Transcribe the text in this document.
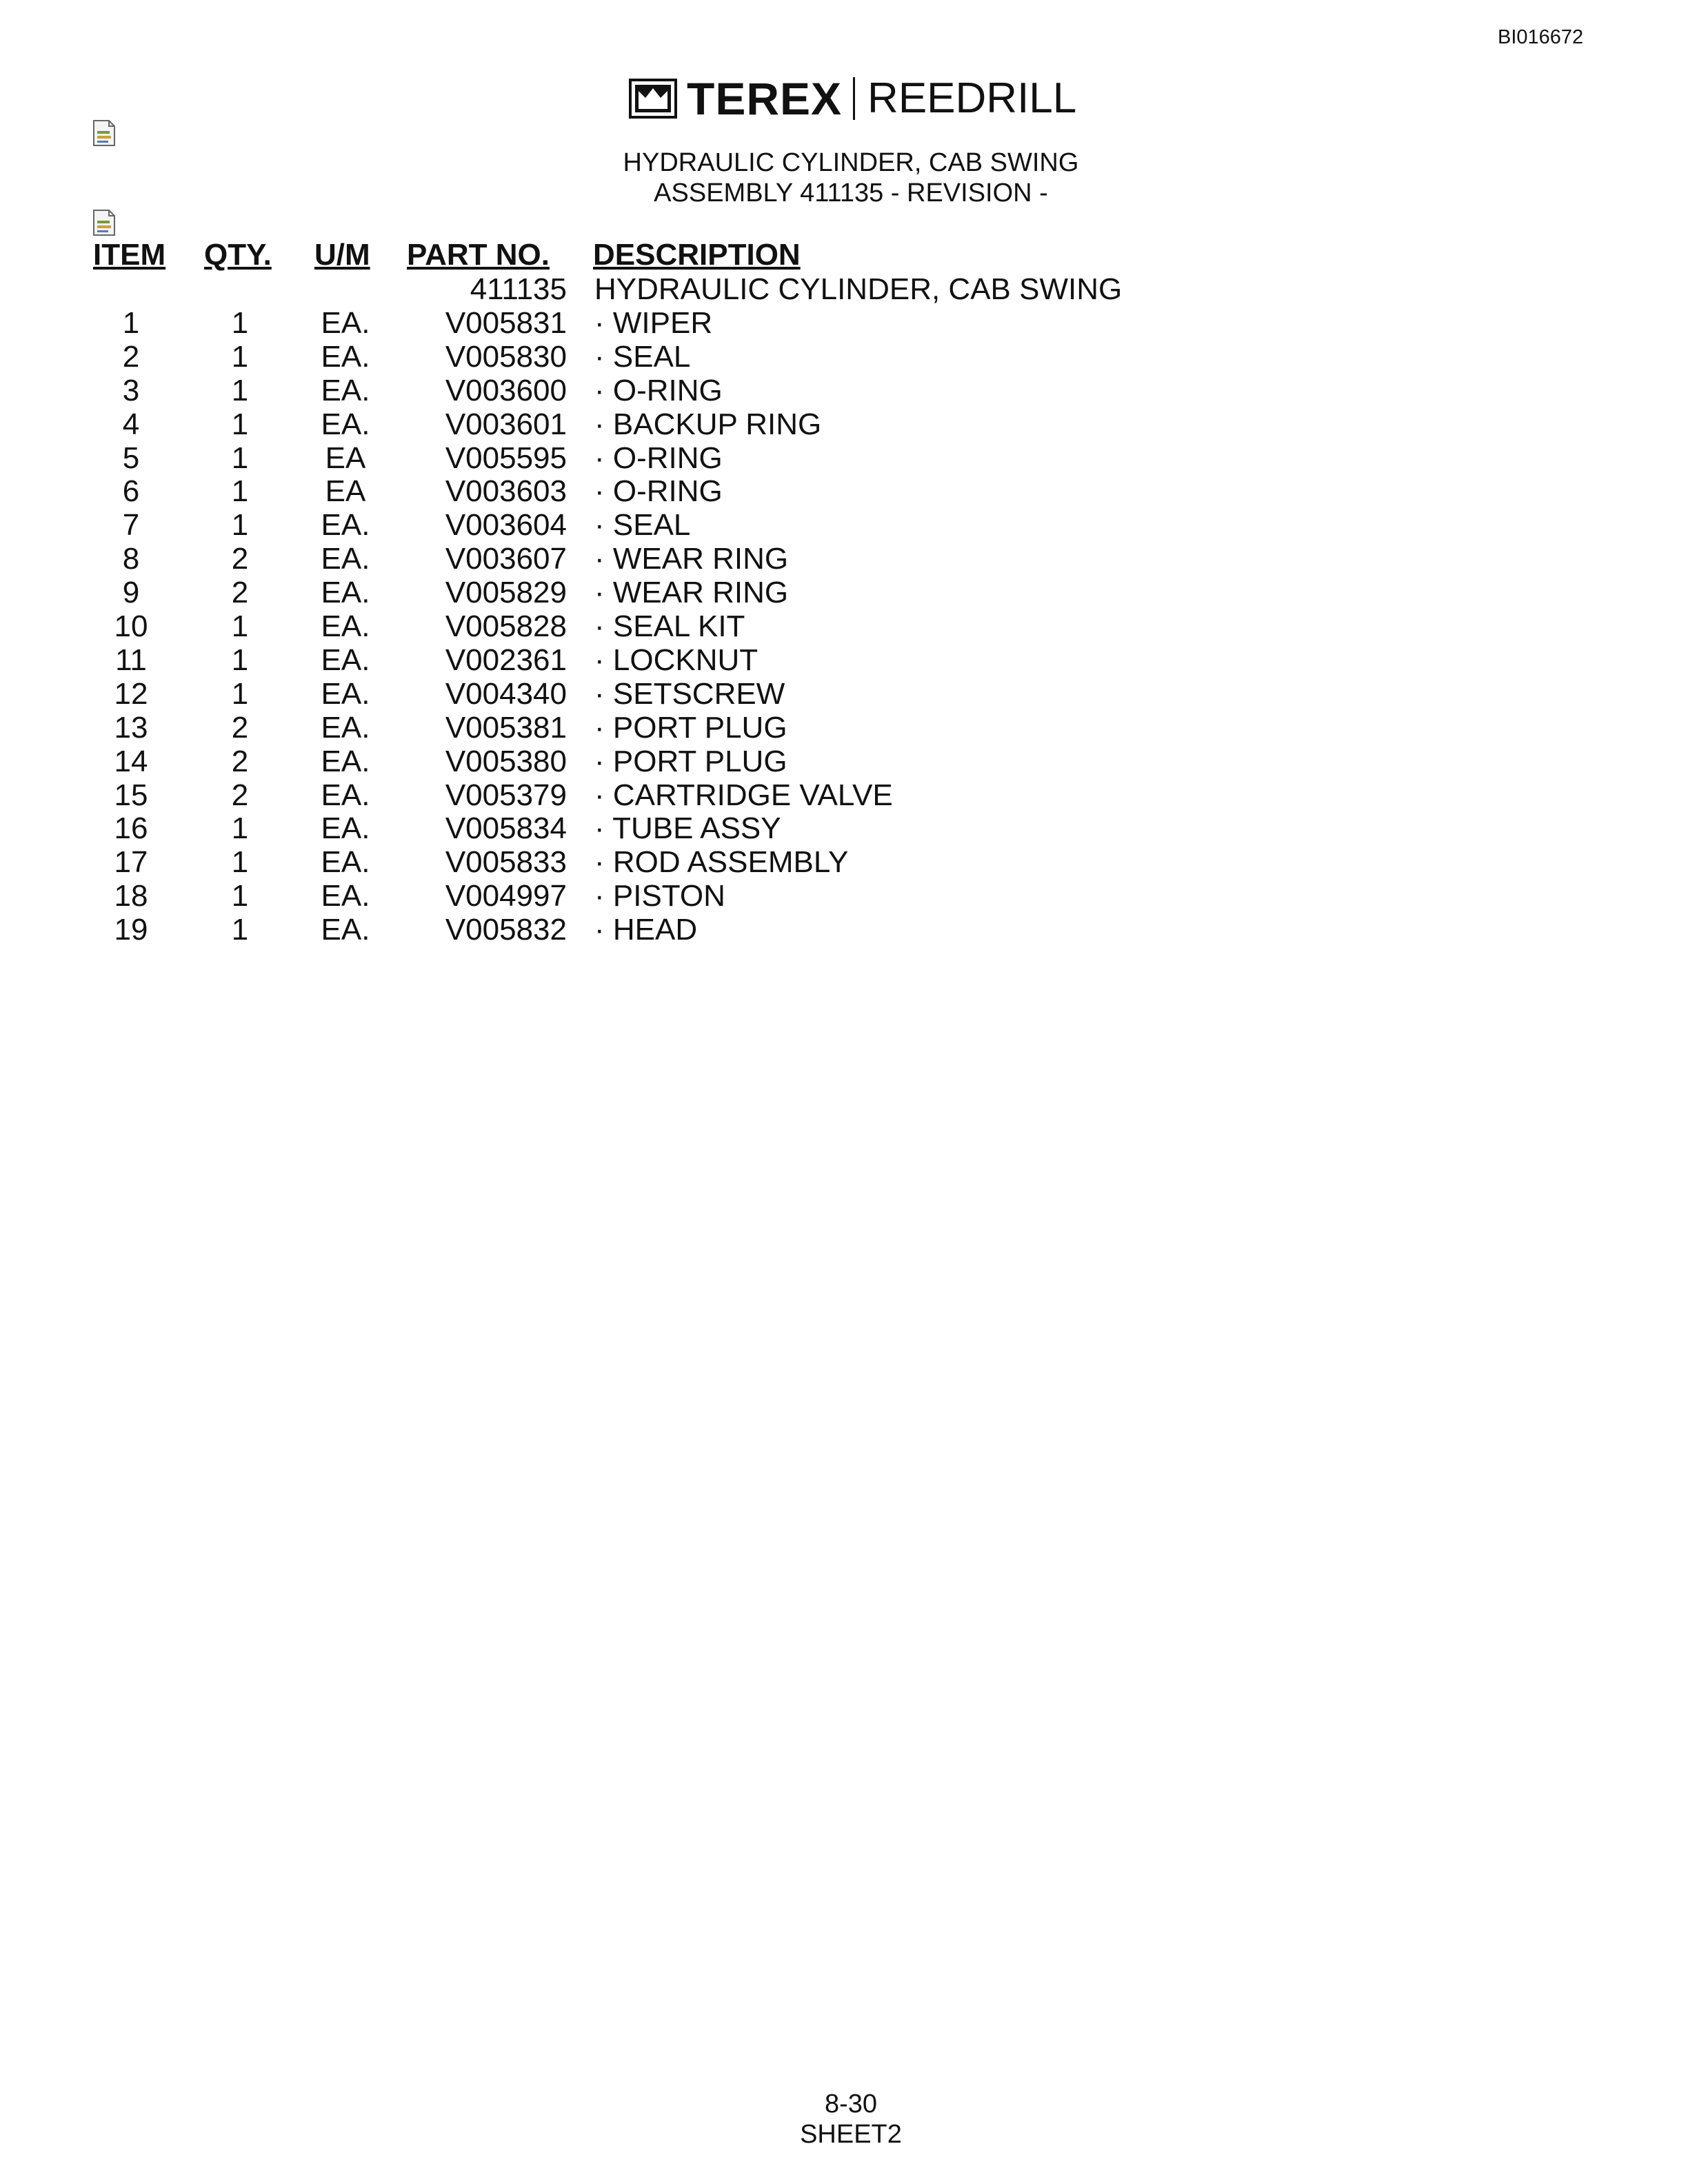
BI016672
TEREX REEDRILL
HYDRAULIC CYLINDER, CAB SWING
ASSEMBLY 411135 - REVISION -
ITEM QTY. U/M PART NO. DESCRIPTION
411135 HYDRAULIC CYLINDER, CAB SWING
1	1	EA.	V005831 · WIPER
2	1	EA.	V005830 · SEAL
3	1	EA.	V003600 · O-RING
4	1	EA.	V003601 · BACKUP RING
5	1	EA	V005595 · O-RING
6	1	EA	V003603 · O-RING
7	1	EA.	V003604 · SEAL
8	2	EA.	V003607 · WEAR RING
9	2	EA.	V005829 · WEAR RING
10	1	EA.	V005828 · SEAL KIT
11	1	EA.	V002361 · LOCKNUT
12	1	EA.	V004340 · SETSCREW
13	2	EA.	V005381 · PORT PLUG
14	2	EA.	V005380 · PORT PLUG
15	2	EA.	V005379 · CARTRIDGE VALVE
16	1	EA.	V005834 · TUBE ASSY
17	1	EA.	V005833 · ROD ASSEMBLY
18	1	EA.	V004997 · PISTON
19	1	EA.	V005832 · HEAD
8-30
SHEET2
